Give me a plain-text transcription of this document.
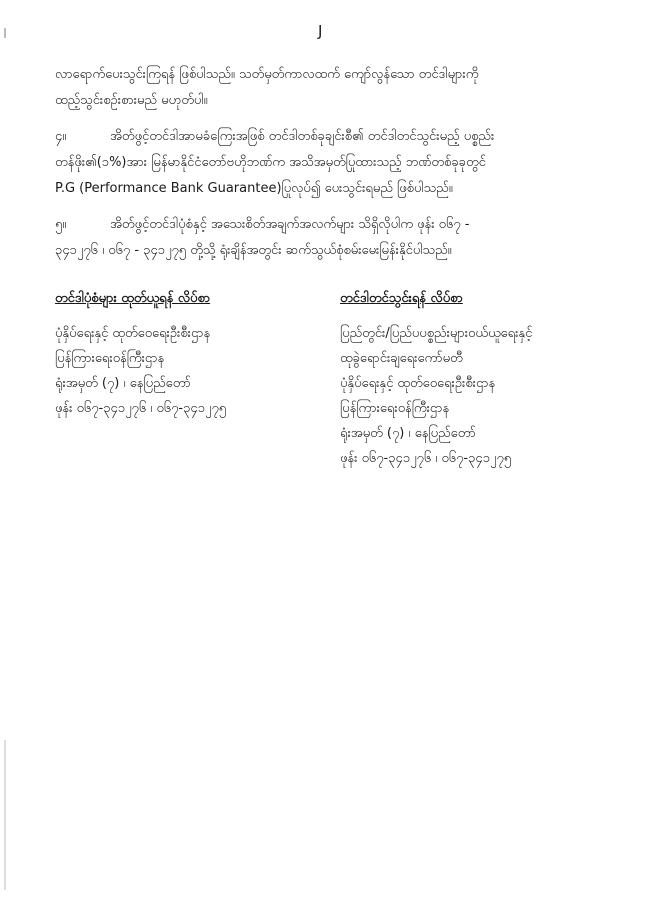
J
လာရောက်ပေးသွင်းကြရန် ဖြစ်ပါသည်။ သတ်မှတ်ကာလထက် ကျော်လွန်သော တင်ဒါများကို
ထည့်သွင်းစဉ်းစားမည် မဟုတ်ပါ။
၄။	အိတ်ဖွင့်တင်ဒါအာမခံကြေးအဖြစ် တင်ဒါတစ်ခုချင်းစီ၏ တင်ဒါတင်သွင်းမည့် ပစ္စည်း
တန်ဖိုး၏(၁%)အား မြန်မာနိုင်ငံတော်ဗဟိုဘဏ်က အသိအမှတ်ပြုထားသည့် ဘဏ်တစ်ခုခုတွင်
P.G (Performance Bank Guarantee)ပြုလုပ်၍ ပေးသွင်းရမည် ဖြစ်ပါသည်။
၅။	အိတ်ဖွင့်တင်ဒါပုံစံနှင့် အသေးစိတ်အချက်အလက်များ သိရှိလိုပါက ဖုန်း ၀၆၇ -
၃၄၁၂၇၆ ၊ ၀၆၇ - ၃၄၁၂၇၅ တို့သို့ ရုံးချိန်အတွင်း ဆက်သွယ်စုံစမ်းမေးမြန်းနိုင်ပါသည်။
တင်ဒါပုံစံများ ထုတ်ယူရန် လိပ်စာ
ပုံနှိပ်ရေးနှင့် ထုတ်ဝေရေးဦးစီးဌာန
ပြန်ကြားရေးဝန်ကြီးဌာန
ရုံးအမှတ် (၇) ၊ နေပြည်တော်
ဖုန်း ၀၆၇-၃၄၁၂၇၆ ၊ ၀၆၇-၃၄၁၂၇၅
တင်ဒါတင်သွင်းရန် လိပ်စာ
ပြည်တွင်း/ပြည်ပပစ္စည်းများဝယ်ယူရေးနှင့်
ထုခွဲရောင်းချရေးကော်မတီ
ပုံနှိပ်ရေးနှင့် ထုတ်ဝေရေးဦးစီးဌာန
ပြန်ကြားရေးဝန်ကြီးဌာန
ရုံးအမှတ် (၇) ၊ နေပြည်တော်
ဖုန်း ၀၆၇-၃၄၁၂၇၆ ၊ ၀၆၇-၃၄၁၂၇၅
